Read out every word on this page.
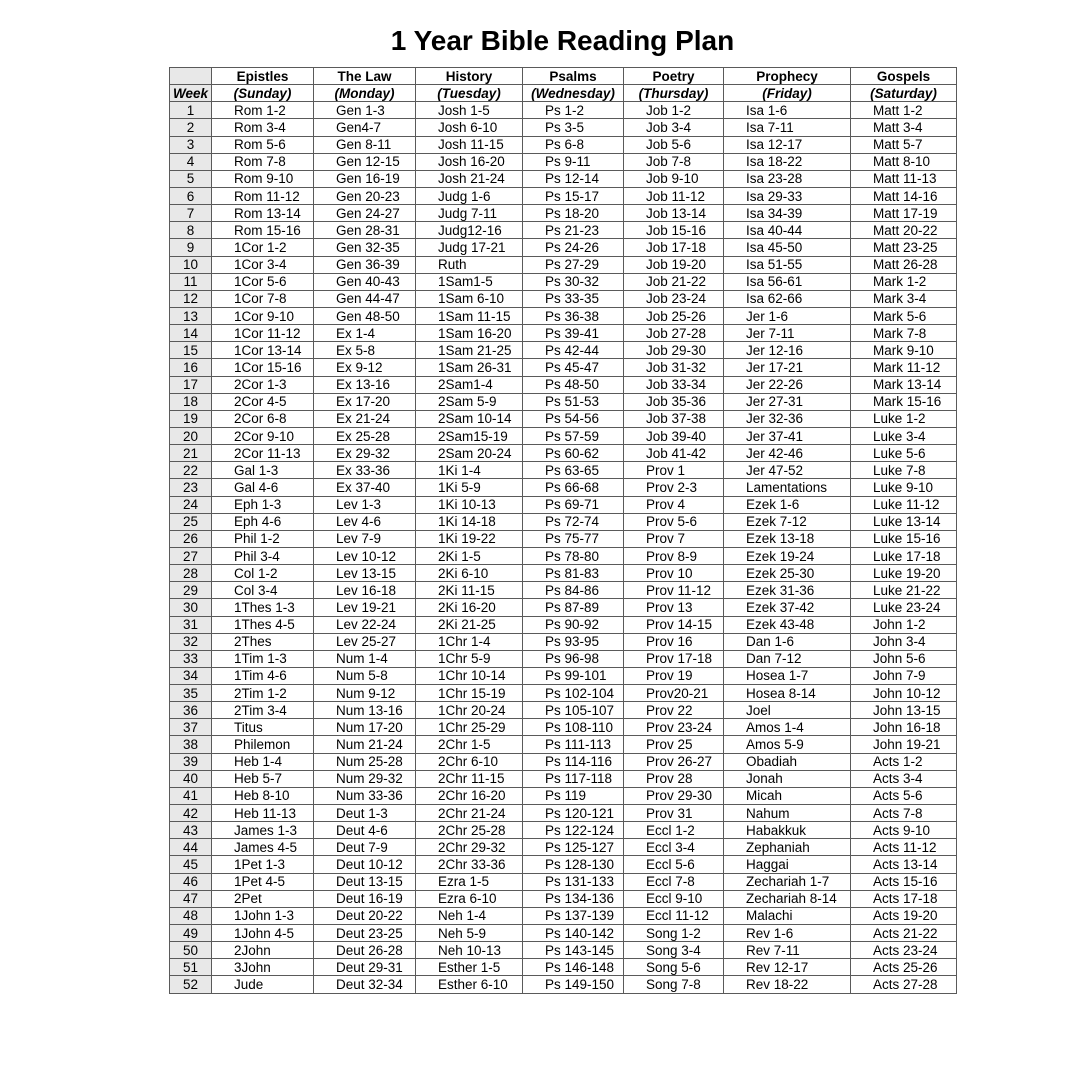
1 Year Bible Reading Plan
	Epistles	The Law	History	Psalms	Poetry	Prophecy	Gospels
Week	(Sunday)	(Monday)	(Tuesday)	(Wednesday)	(Thursday)	(Friday)	(Saturday)
1	Rom 1-2	Gen 1-3	Josh 1-5	Ps 1-2	Job 1-2	Isa 1-6	Matt 1-2
2	Rom 3-4	Gen4-7	Josh 6-10	Ps 3-5	Job 3-4	Isa 7-11	Matt 3-4
3	Rom 5-6	Gen 8-11	Josh 11-15	Ps 6-8	Job 5-6	Isa 12-17	Matt 5-7
4	Rom 7-8	Gen 12-15	Josh 16-20	Ps 9-11	Job 7-8	Isa 18-22	Matt 8-10
5	Rom 9-10	Gen 16-19	Josh 21-24	Ps 12-14	Job 9-10	Isa 23-28	Matt 11-13
6	Rom 11-12	Gen 20-23	Judg 1-6	Ps 15-17	Job 11-12	Isa 29-33	Matt 14-16
7	Rom 13-14	Gen 24-27	Judg 7-11	Ps 18-20	Job 13-14	Isa 34-39	Matt 17-19
8	Rom 15-16	Gen 28-31	Judg12-16	Ps 21-23	Job 15-16	Isa 40-44	Matt 20-22
9	1Cor 1-2	Gen 32-35	Judg 17-21	Ps 24-26	Job 17-18	Isa 45-50	Matt 23-25
10	1Cor 3-4	Gen 36-39	Ruth	Ps 27-29	Job 19-20	Isa 51-55	Matt 26-28
11	1Cor 5-6	Gen 40-43	1Sam1-5	Ps 30-32	Job 21-22	Isa 56-61	Mark 1-2
12	1Cor 7-8	Gen 44-47	1Sam 6-10	Ps 33-35	Job 23-24	Isa 62-66	Mark 3-4
13	1Cor 9-10	Gen 48-50	1Sam 11-15	Ps 36-38	Job 25-26	Jer 1-6	Mark 5-6
14	1Cor 11-12	Ex 1-4	1Sam 16-20	Ps 39-41	Job 27-28	Jer 7-11	Mark 7-8
15	1Cor 13-14	Ex 5-8	1Sam 21-25	Ps 42-44	Job 29-30	Jer 12-16	Mark 9-10
16	1Cor 15-16	Ex 9-12	1Sam 26-31	Ps 45-47	Job 31-32	Jer 17-21	Mark 11-12
17	2Cor 1-3	Ex 13-16	2Sam1-4	Ps 48-50	Job 33-34	Jer 22-26	Mark 13-14
18	2Cor 4-5	Ex 17-20	2Sam 5-9	Ps 51-53	Job 35-36	Jer 27-31	Mark 15-16
19	2Cor 6-8	Ex 21-24	2Sam 10-14	Ps 54-56	Job 37-38	Jer 32-36	Luke 1-2
20	2Cor 9-10	Ex 25-28	2Sam15-19	Ps 57-59	Job 39-40	Jer 37-41	Luke 3-4
21	2Cor 11-13	Ex 29-32	2Sam 20-24	Ps 60-62	Job 41-42	Jer 42-46	Luke 5-6
22	Gal 1-3	Ex 33-36	1Ki 1-4	Ps 63-65	Prov 1	Jer 47-52	Luke 7-8
23	Gal 4-6	Ex 37-40	1Ki 5-9	Ps 66-68	Prov 2-3	Lamentations	Luke 9-10
24	Eph 1-3	Lev 1-3	1Ki 10-13	Ps 69-71	Prov 4	Ezek 1-6	Luke 11-12
25	Eph 4-6	Lev 4-6	1Ki 14-18	Ps 72-74	Prov 5-6	Ezek 7-12	Luke 13-14
26	Phil 1-2	Lev 7-9	1Ki 19-22	Ps 75-77	Prov 7	Ezek 13-18	Luke 15-16
27	Phil 3-4	Lev 10-12	2Ki 1-5	Ps 78-80	Prov 8-9	Ezek 19-24	Luke 17-18
28	Col 1-2	Lev 13-15	2Ki 6-10	Ps 81-83	Prov 10	Ezek 25-30	Luke 19-20
29	Col 3-4	Lev 16-18	2Ki 11-15	Ps 84-86	Prov 11-12	Ezek 31-36	Luke 21-22
30	1Thes 1-3	Lev 19-21	2Ki 16-20	Ps 87-89	Prov 13	Ezek 37-42	Luke 23-24
31	1Thes 4-5	Lev 22-24	2Ki 21-25	Ps 90-92	Prov 14-15	Ezek 43-48	John 1-2
32	2Thes	Lev 25-27	1Chr 1-4	Ps 93-95	Prov 16	Dan 1-6	John 3-4
33	1Tim 1-3	Num 1-4	1Chr 5-9	Ps 96-98	Prov 17-18	Dan 7-12	John 5-6
34	1Tim 4-6	Num 5-8	1Chr 10-14	Ps 99-101	Prov 19	Hosea 1-7	John 7-9
35	2Tim 1-2	Num 9-12	1Chr 15-19	Ps 102-104	Prov20-21	Hosea 8-14	John 10-12
36	2Tim 3-4	Num 13-16	1Chr 20-24	Ps 105-107	Prov 22	Joel	John 13-15
37	Titus	Num 17-20	1Chr 25-29	Ps 108-110	Prov 23-24	Amos 1-4	John 16-18
38	Philemon	Num 21-24	2Chr 1-5	Ps 111-113	Prov 25	Amos 5-9	John 19-21
39	Heb 1-4	Num 25-28	2Chr 6-10	Ps 114-116	Prov 26-27	Obadiah	Acts 1-2
40	Heb 5-7	Num 29-32	2Chr 11-15	Ps 117-118	Prov 28	Jonah	Acts 3-4
41	Heb 8-10	Num 33-36	2Chr 16-20	Ps 119	Prov 29-30	Micah	Acts 5-6
42	Heb 11-13	Deut 1-3	2Chr 21-24	Ps 120-121	Prov 31	Nahum	Acts 7-8
43	James 1-3	Deut 4-6	2Chr 25-28	Ps 122-124	Eccl 1-2	Habakkuk	Acts 9-10
44	James 4-5	Deut 7-9	2Chr 29-32	Ps 125-127	Eccl 3-4	Zephaniah	Acts 11-12
45	1Pet 1-3	Deut 10-12	2Chr 33-36	Ps 128-130	Eccl 5-6	Haggai	Acts 13-14
46	1Pet 4-5	Deut 13-15	Ezra 1-5	Ps 131-133	Eccl 7-8	Zechariah 1-7	Acts 15-16
47	2Pet	Deut 16-19	Ezra 6-10	Ps 134-136	Eccl 9-10	Zechariah 8-14	Acts 17-18
48	1John 1-3	Deut 20-22	Neh 1-4	Ps 137-139	Eccl 11-12	Malachi	Acts 19-20
49	1John 4-5	Deut 23-25	Neh 5-9	Ps 140-142	Song 1-2	Rev 1-6	Acts 21-22
50	2John	Deut 26-28	Neh 10-13	Ps 143-145	Song 3-4	Rev 7-11	Acts 23-24
51	3John	Deut 29-31	Esther 1-5	Ps 146-148	Song 5-6	Rev 12-17	Acts 25-26
52	Jude	Deut 32-34	Esther 6-10	Ps 149-150	Song 7-8	Rev 18-22	Acts 27-28
